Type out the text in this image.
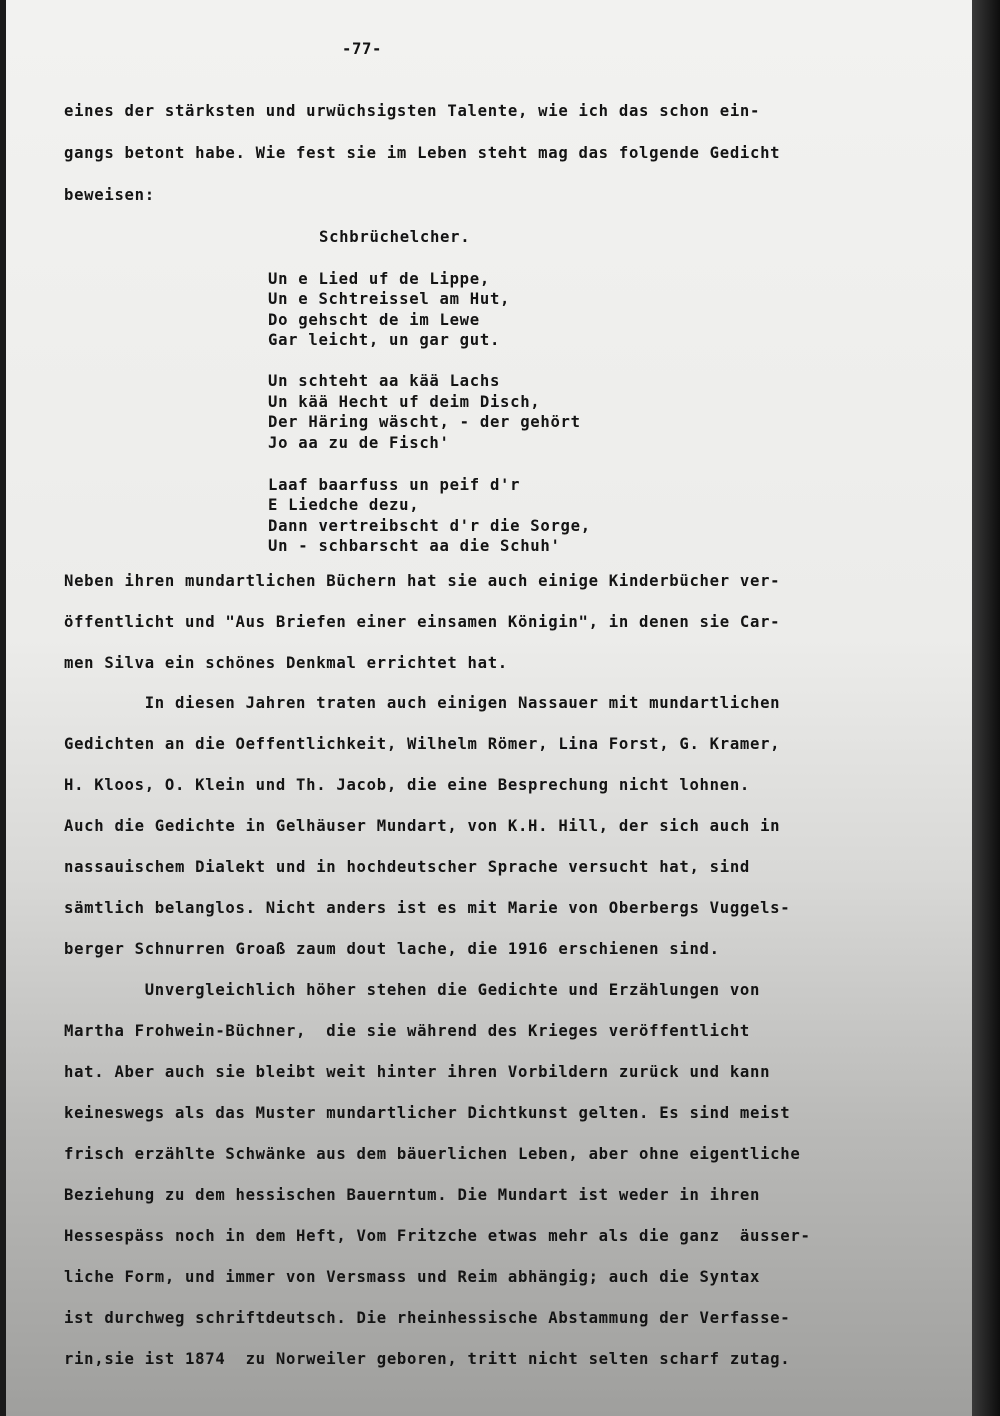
-77-
eines der stärksten und urwüchsigsten Talente, wie ich das schon ein-
gangs betont habe. Wie fest sie im Leben steht mag das folgende Gedicht
beweisen:
Schbrüchelcher.
Un e Lied uf de Lippe,
Un e Schtreissel am Hut,
Do gehscht de im Lewe
Gar leicht, un gar gut.
Un schteht aa kää Lachs
Un kää Hecht uf deim Disch,
Der Häring wäscht, - der gehört
Jo aa zu de Fisch'
Laaf baarfuss un peif d'r
E Liedche dezu,
Dann vertreibscht d'r die Sorge,
Un - schbarscht aa die Schuh'
Neben ihren mundartlichen Büchern hat sie auch einige Kinderbücher ver-
öffentlicht und "Aus Briefen einer einsamen Königin", in denen sie Car-
men Silva ein schönes Denkmal errichtet hat.
In diesen Jahren traten auch einigen Nassauer mit mundartlichen
Gedichten an die Oeffentlichkeit, Wilhelm Römer, Lina Forst, G. Kramer,
H. Kloos, O. Klein und Th. Jacob, die eine Besprechung nicht lohnen.
Auch die Gedichte in Gelhäuser Mundart, von K.H. Hill, der sich auch in
nassauischem Dialekt und in hochdeutscher Sprache versucht hat, sind
sämtlich belanglos. Nicht anders ist es mit Marie von Oberbergs Vuggels-
berger Schnurren Groaß zaum dout lache, die 1916 erschienen sind.
Unvergleichlich höher stehen die Gedichte und Erzählungen von
Martha Frohwein-Büchner,  die sie während des Krieges veröffentlicht
hat. Aber auch sie bleibt weit hinter ihren Vorbildern zurück und kann
keineswegs als das Muster mundartlicher Dichtkunst gelten. Es sind meist
frisch erzählte Schwänke aus dem bäuerlichen Leben, aber ohne eigentliche
Beziehung zu dem hessischen Bauerntum. Die Mundart ist weder in ihren
Hessespäss noch in dem Heft, Vom Fritzche etwas mehr als die ganz  äusser-
liche Form, und immer von Versmass und Reim abhängig; auch die Syntax
ist durchweg schriftdeutsch. Die rheinhessische Abstammung der Verfasse-
rin,sie ist 1874  zu Norweiler geboren, tritt nicht selten scharf zutag.
